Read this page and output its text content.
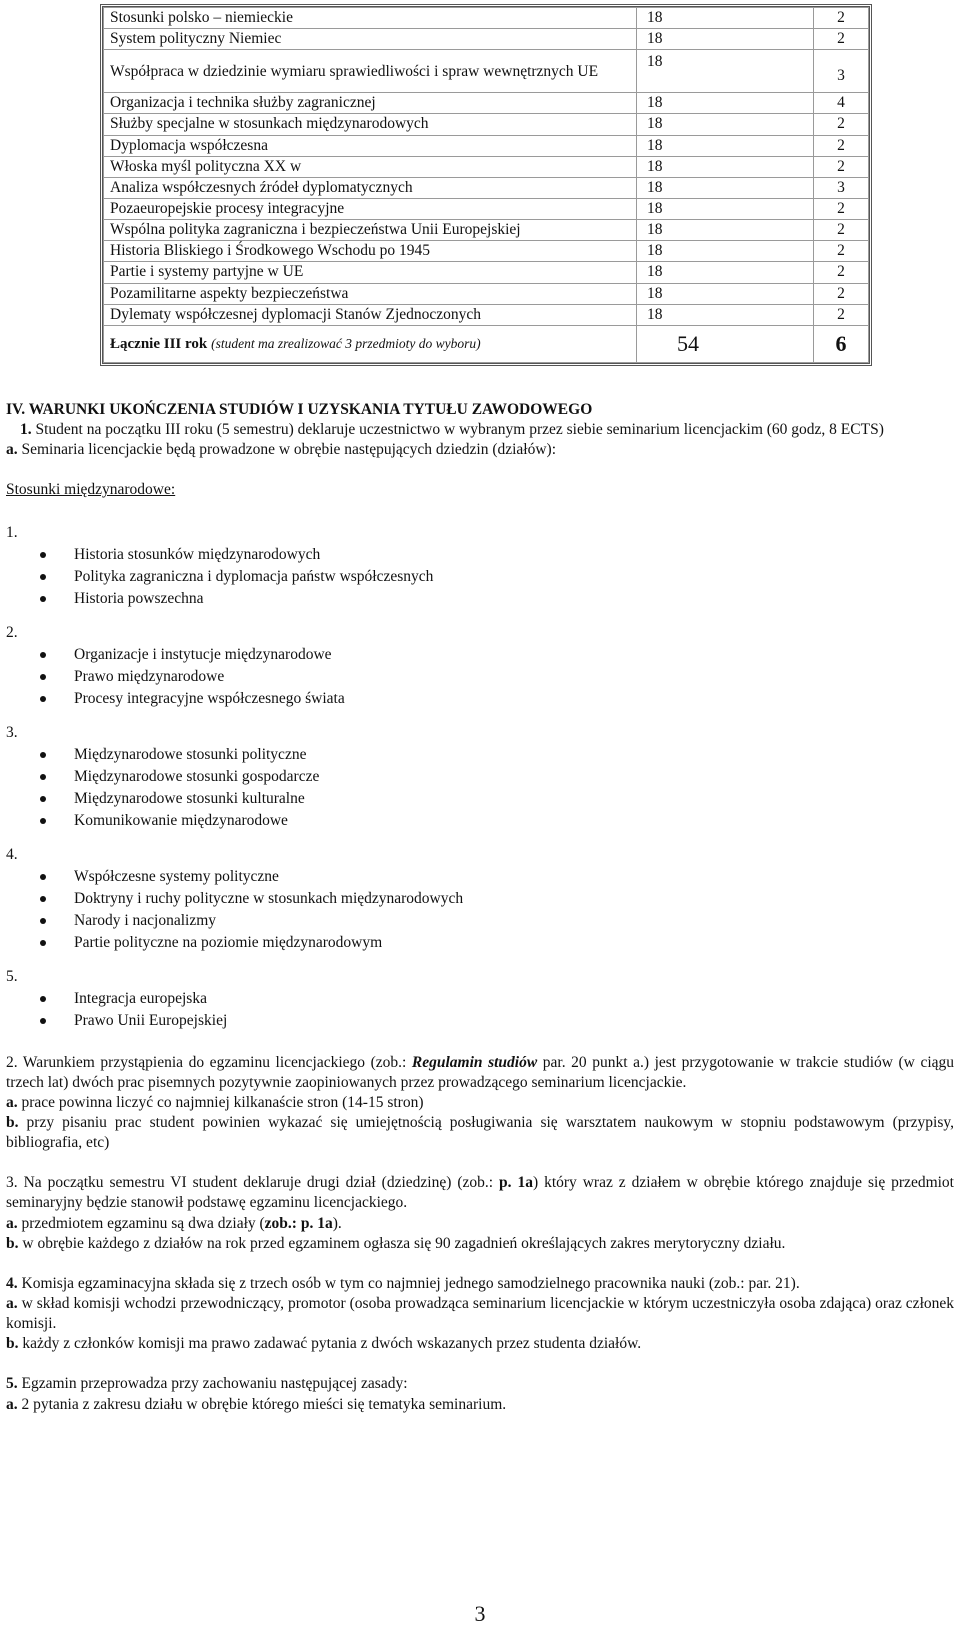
Stosunki polsko – niemieckie	18	2
System polityczny Niemiec	18	2
Współpraca w dziedzinie wymiaru sprawiedliwości i spraw wewnętrznych UE	18	3
Organizacja i technika służby zagranicznej	18	4
Służby specjalne w stosunkach międzynarodowych	18	2
Dyplomacja współczesna	18	2
Włoska myśl polityczna XX w	18	2
Analiza współczesnych źródeł dyplomatycznych	18	3
Pozaeuropejskie procesy integracyjne	18	2
Wspólna polityka zagraniczna i bezpieczeństwa Unii Europejskiej	18	2
Historia Bliskiego i Środkowego Wschodu po 1945	18	2
Partie i systemy partyjne w UE	18	2
Pozamilitarne aspekty bezpieczeństwa	18	2
Dylematy współczesnej dyplomacji Stanów Zjednoczonych	18	2
Łącznie III rok (student ma zrealizować 3 przedmioty do wyboru)	54	6

IV. WARUNKI UKOŃCZENIA STUDIÓW I UZYSKANIA TYTUŁU ZAWODOWEGO

1. Student na początku III roku (5 semestru) deklaruje uczestnictwo w wybranym przez siebie seminarium licencjackim (60 godz, 8 ECTS)

a. Seminaria licencjackie będą prowadzone w obrębie następujących dziedzin (działów):

Stosunki międzynarodowe:

1.
Historia stosunków międzynarodowych
Polityka zagraniczna i dyplomacja państw współczesnych
Historia powszechna
2.
Organizacje i instytucje międzynarodowe
Prawo międzynarodowe
Procesy integracyjne współczesnego świata
3.
Międzynarodowe stosunki polityczne
Międzynarodowe stosunki gospodarcze
Międzynarodowe stosunki kulturalne
Komunikowanie międzynarodowe
4.
Współczesne systemy polityczne
Doktryny i ruchy polityczne w stosunkach międzynarodowych
Narody i nacjonalizmy
Partie polityczne na poziomie międzynarodowym
5.
Integracja europejska
Prawo Unii Europejskiej

2. Warunkiem przystąpienia do egzaminu licencjackiego (zob.: Regulamin studiów par. 20 punkt a.) jest przygotowanie w trakcie studiów (w ciągu trzech lat) dwóch prac pisemnych pozytywnie zaopiniowanych przez prowadzącego seminarium licencjackie.

a. prace powinna liczyć co najmniej kilkanaście stron (14-15 stron)

b. przy pisaniu prac student powinien wykazać się umiejętnością posługiwania się warsztatem naukowym w stopniu podstawowym (przypisy, bibliografia, etc)

3. Na początku semestru VI student deklaruje drugi dział (dziedzinę) (zob.: p. 1a) który wraz z działem w obrębie którego znajduje się przedmiot seminaryjny będzie stanowił podstawę egzaminu licencjackiego.

a. przedmiotem egzaminu są dwa działy (zob.: p. 1a).

b. w obrębie każdego z działów na rok przed egzaminem ogłasza się 90 zagadnień określających zakres merytoryczny działu.

4. Komisja egzaminacyjna składa się z trzech osób w tym co najmniej jednego samodzielnego pracownika nauki (zob.: par. 21).

a. w skład komisji wchodzi przewodniczący, promotor (osoba prowadząca seminarium licencjackie w którym uczestniczyła osoba zdająca) oraz członek komisji.

b. każdy z członków komisji ma prawo zadawać pytania z dwóch wskazanych przez studenta działów.

5. Egzamin przeprowadza przy zachowaniu następującej zasady:

a. 2 pytania z zakresu działu w obrębie którego mieści się tematyka seminarium.

3
